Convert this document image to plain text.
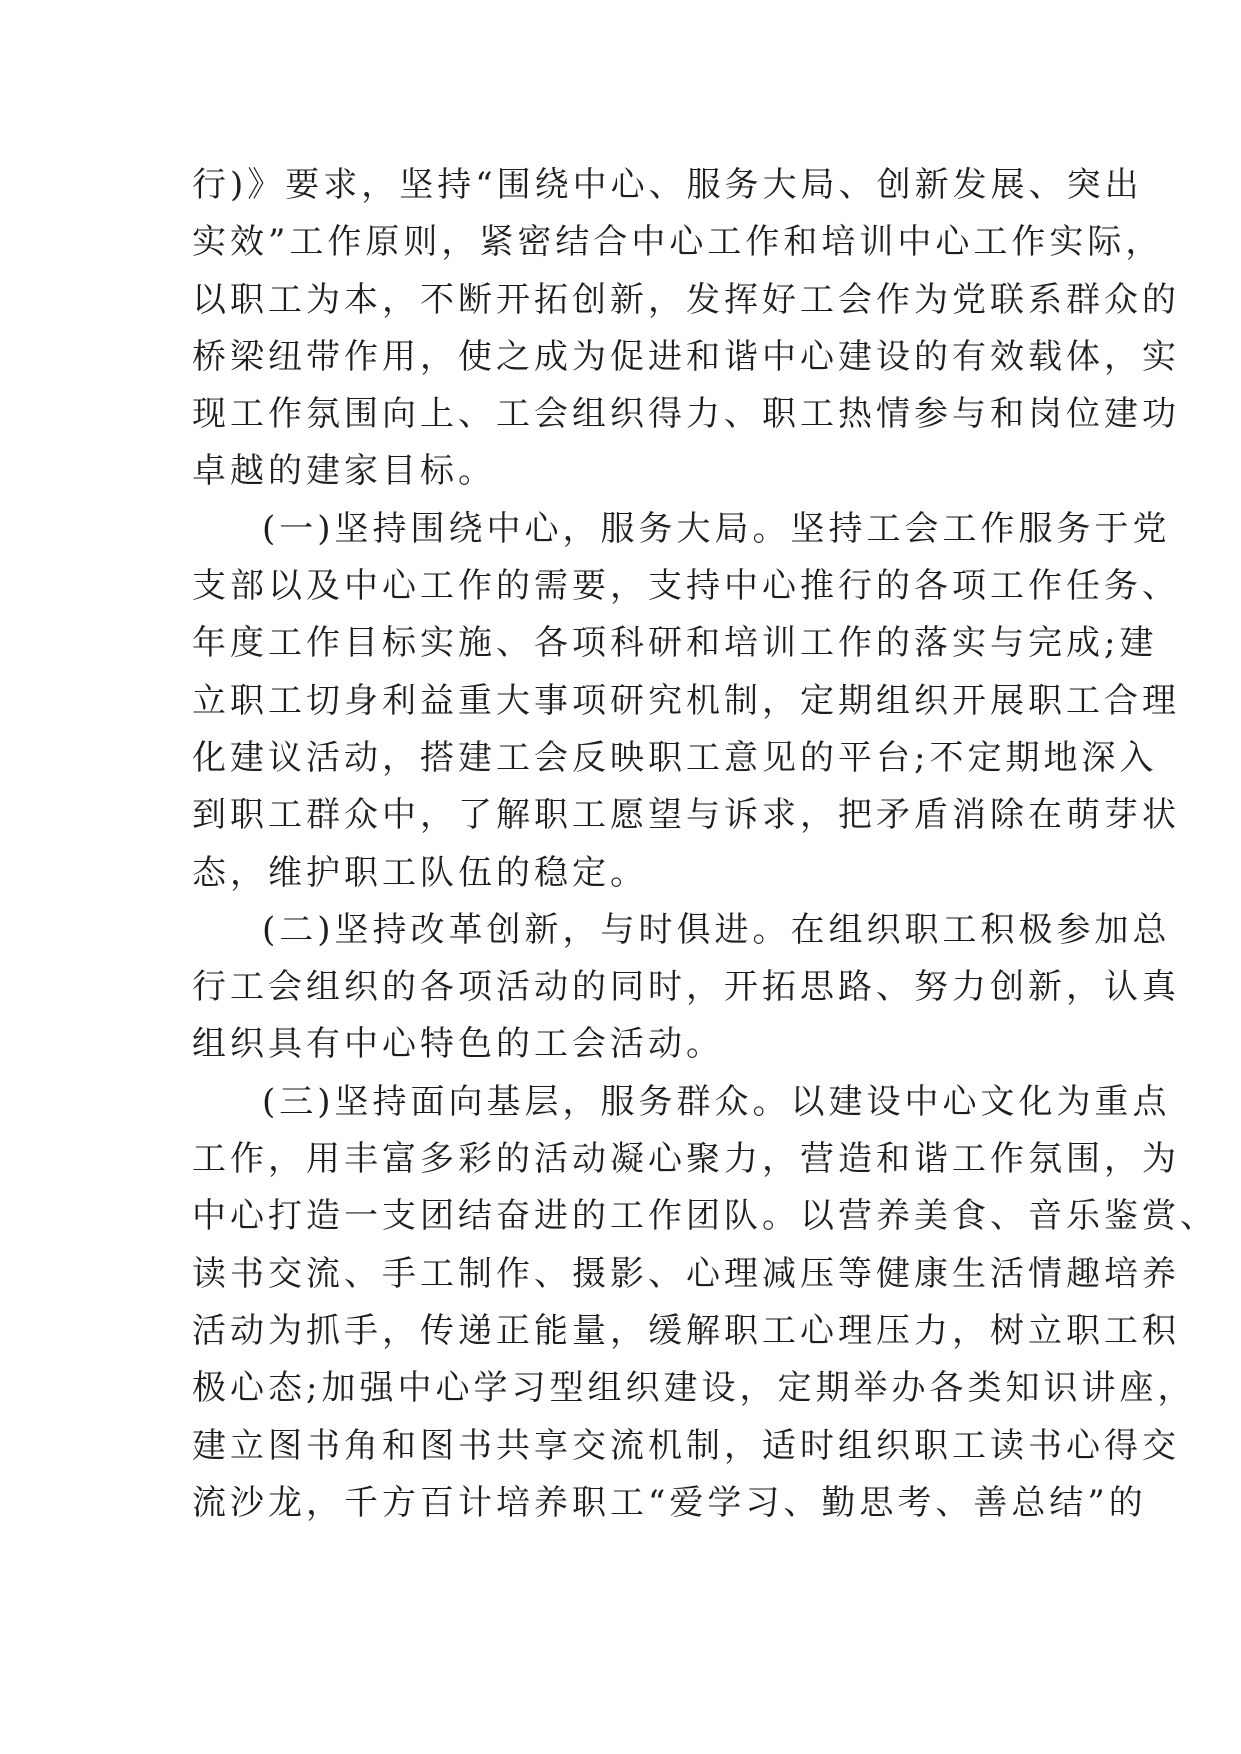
行)》要求，坚持“围绕中心、服务大局、创新发展、突出
实效”工作原则，紧密结合中心工作和培训中心工作实际，
以职工为本，不断开拓创新，发挥好工会作为党联系群众的
桥梁纽带作用，使之成为促进和谐中心建设的有效载体，实
现工作氛围向上、工会组织得力、职工热情参与和岗位建功
卓越的建家目标。
(一)坚持围绕中心，服务大局。坚持工会工作服务于党
支部以及中心工作的需要，支持中心推行的各项工作任务、
年度工作目标实施、各项科研和培训工作的落实与完成;建
立职工切身利益重大事项研究机制，定期组织开展职工合理
化建议活动，搭建工会反映职工意见的平台;不定期地深入
到职工群众中，了解职工愿望与诉求，把矛盾消除在萌芽状
态，维护职工队伍的稳定。
(二)坚持改革创新，与时俱进。在组织职工积极参加总
行工会组织的各项活动的同时，开拓思路、努力创新，认真
组织具有中心特色的工会活动。
(三)坚持面向基层，服务群众。以建设中心文化为重点
工作，用丰富多彩的活动凝心聚力，营造和谐工作氛围，为
中心打造一支团结奋进的工作团队。以营养美食、音乐鉴赏、
读书交流、手工制作、摄影、心理减压等健康生活情趣培养
活动为抓手，传递正能量，缓解职工心理压力，树立职工积
极心态;加强中心学习型组织建设，定期举办各类知识讲座，
建立图书角和图书共享交流机制，适时组织职工读书心得交
流沙龙，千方百计培养职工“爱学习、勤思考、善总结”的
